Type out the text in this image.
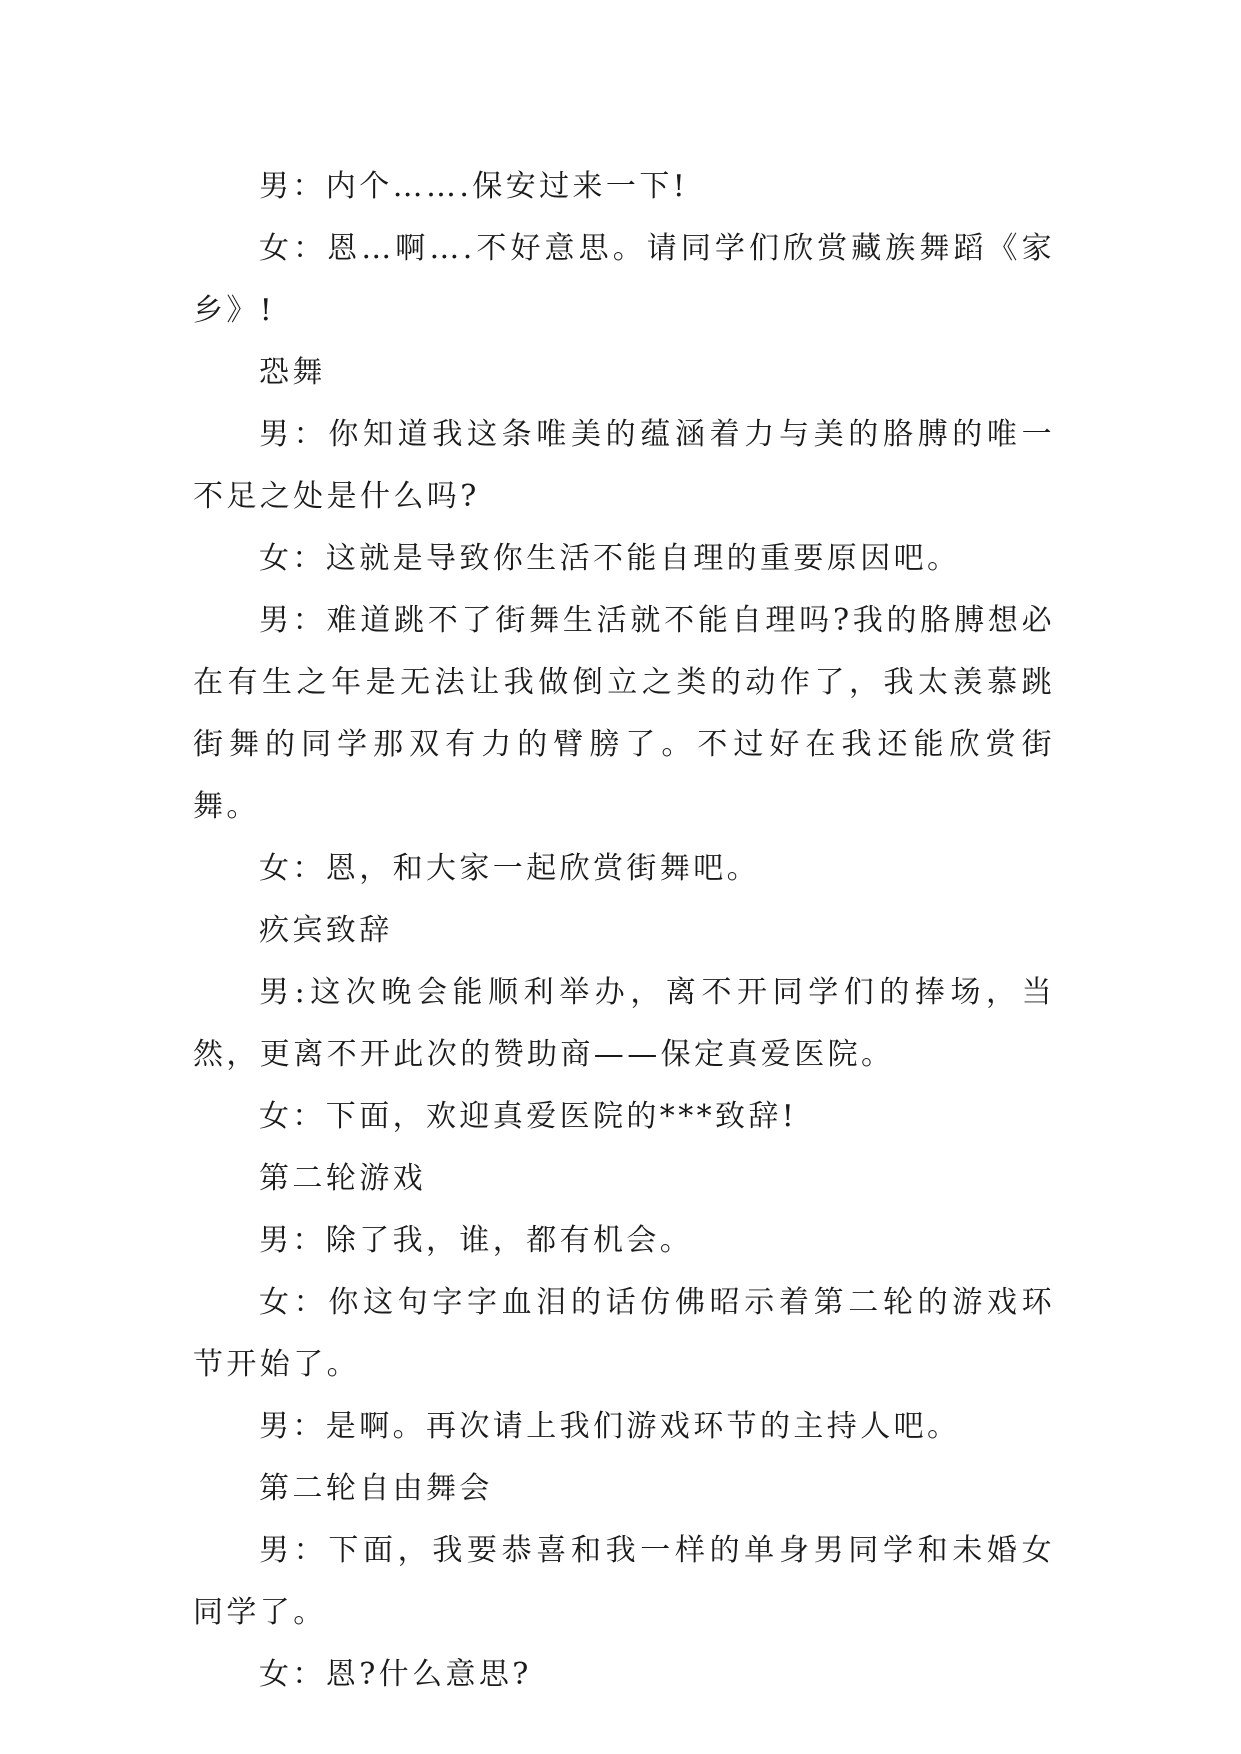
男：内个…….保安过来一下!

女：恩…啊….不好意思。请同学们欣赏藏族舞蹈《家乡》!

恐舞

男：你知道我这条唯美的蕴涵着力与美的胳膊的唯一不足之处是什么吗?

女：这就是导致你生活不能自理的重要原因吧。

男：难道跳不了街舞生活就不能自理吗?我的胳膊想必在有生之年是无法让我做倒立之类的动作了，我太羡慕跳街舞的同学那双有力的臂膀了。不过好在我还能欣赏街舞。

女：恩，和大家一起欣赏街舞吧。

疚宾致辞

男:这次晚会能顺利举办，离不开同学们的捧场，当然，更离不开此次的赞助商——保定真爱医院。

女：下面，欢迎真爱医院的***致辞!

第二轮游戏

男：除了我，谁，都有机会。

女：你这句字字血泪的话仿佛昭示着第二轮的游戏环节开始了。

男：是啊。再次请上我们游戏环节的主持人吧。

第二轮自由舞会

男：下面，我要恭喜和我一样的单身男同学和未婚女同学了。

女：恩?什么意思?
